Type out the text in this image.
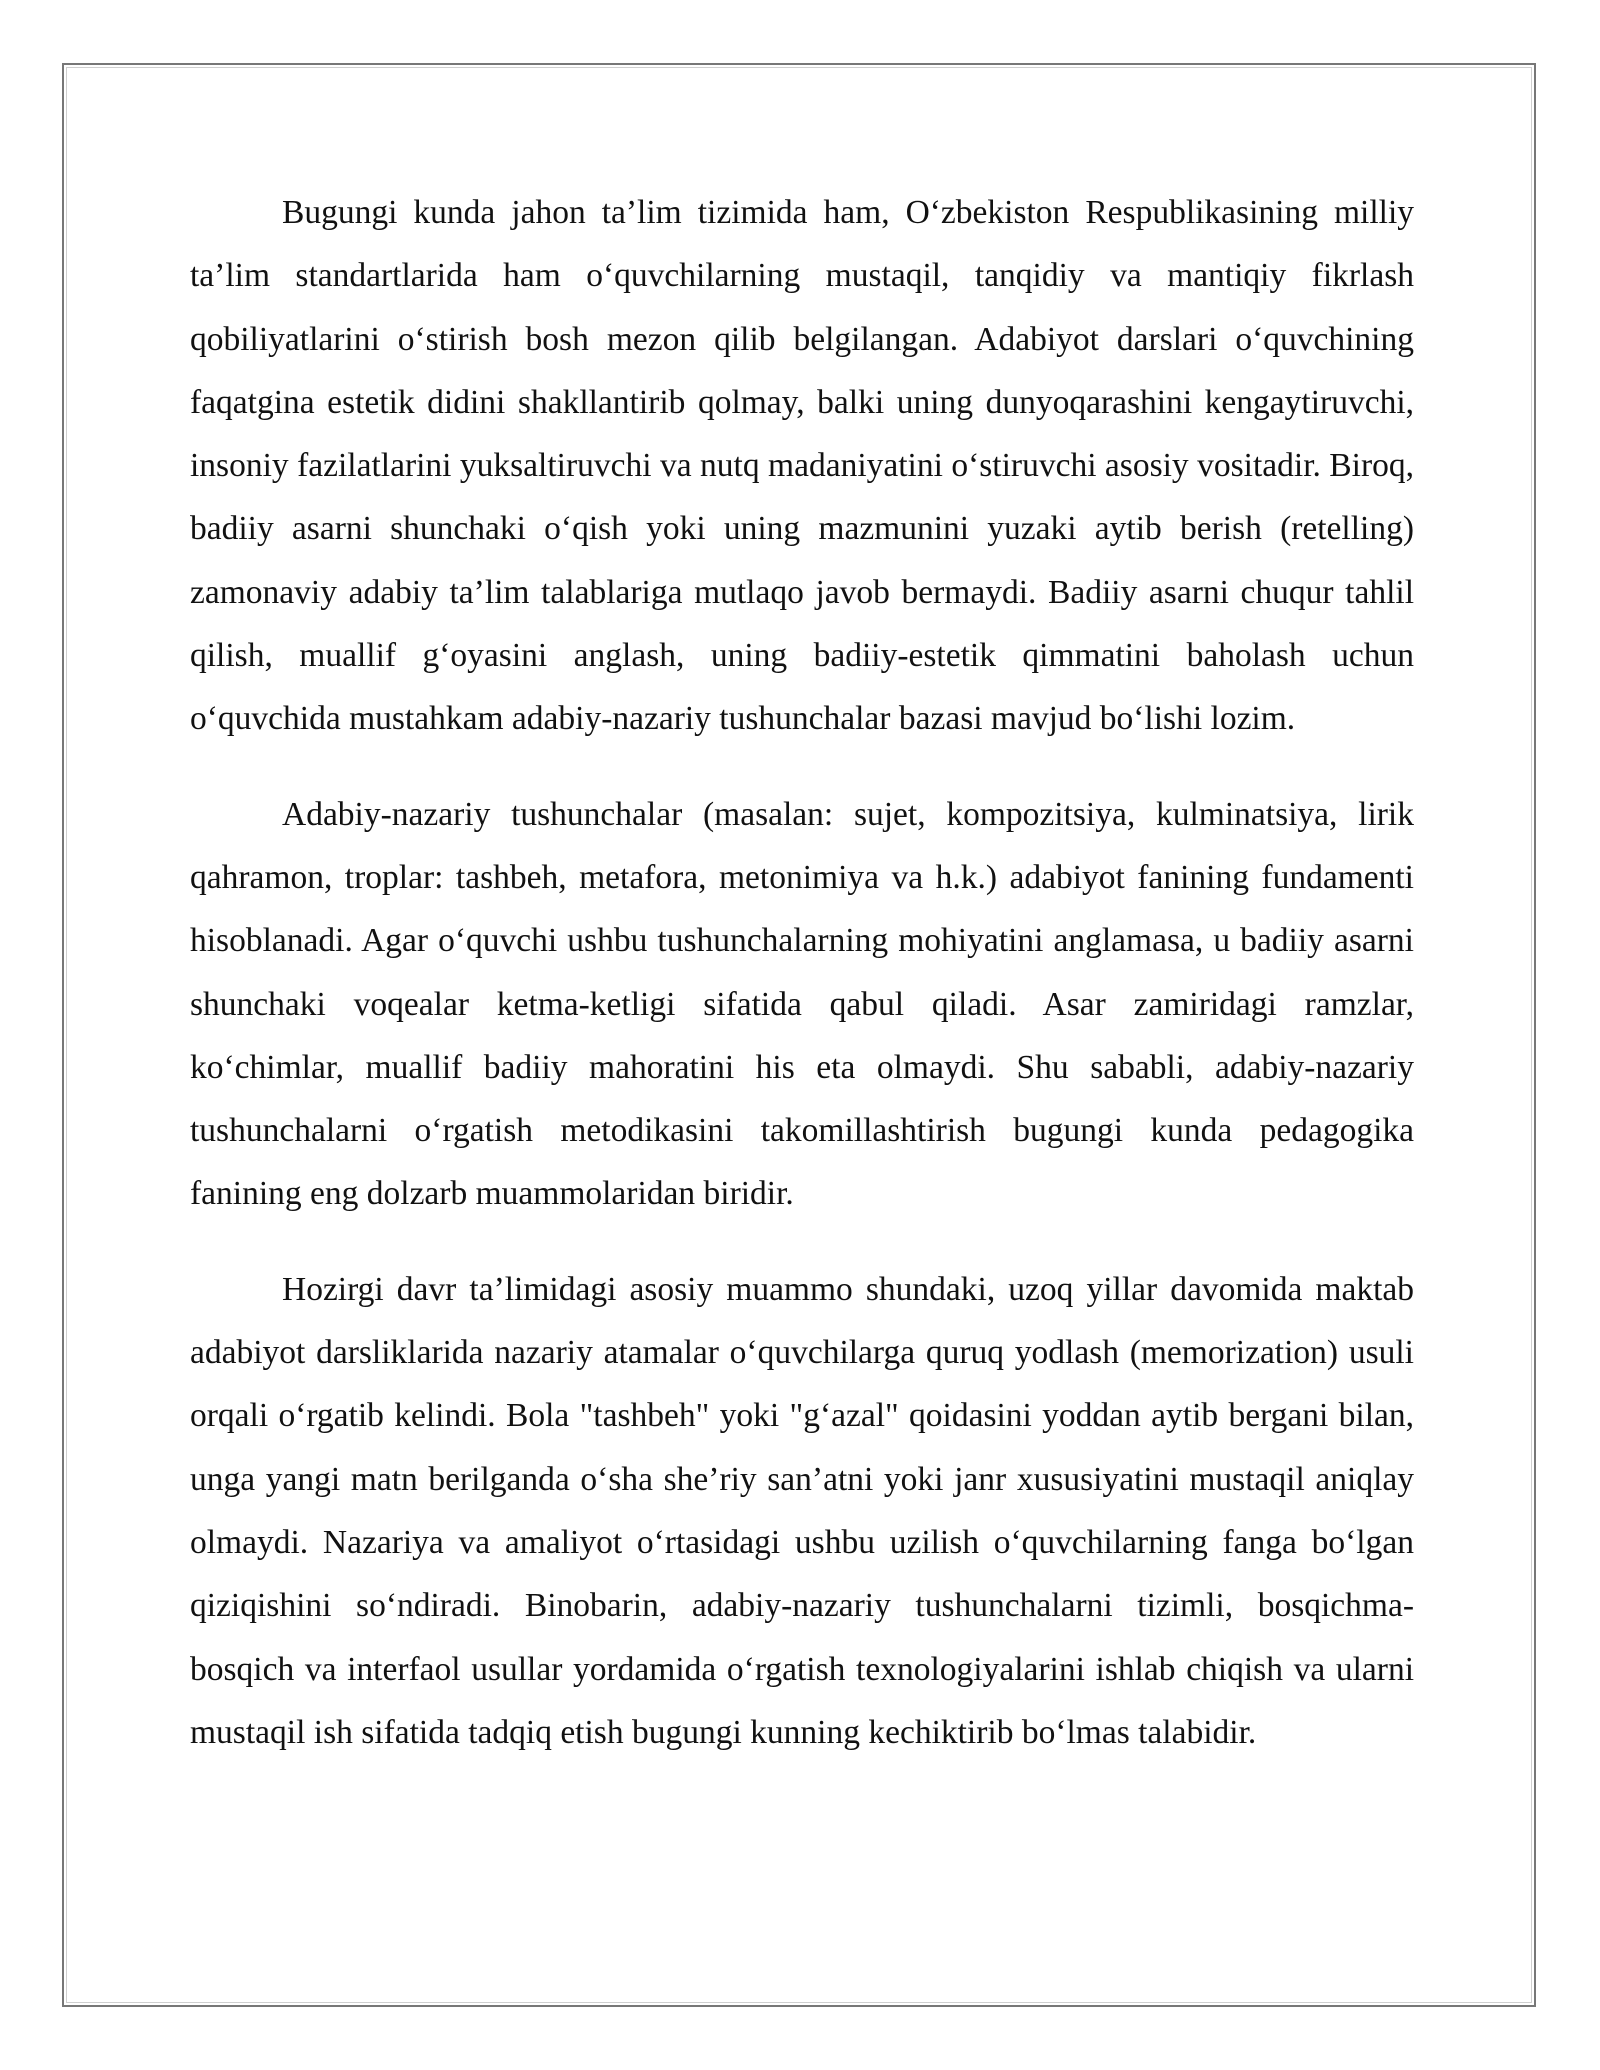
Bugungi kunda jahon ta’lim tizimida ham, O‘zbekiston Respublikasining milliy ta’lim standartlarida ham o‘quvchilarning mustaqil, tanqidiy va mantiqiy fikrlash qobiliyatlarini o‘stirish bosh mezon qilib belgilangan. Adabiyot darslari o‘quvchining faqatgina estetik didini shakllantirib qolmay, balki uning dunyoqarashini kengaytiruvchi, insoniy fazilatlarini yuksaltiruvchi va nutq madaniyatini o‘stiruvchi asosiy vositadir. Biroq, badiiy asarni shunchaki o‘qish yoki uning mazmunini yuzaki aytib berish (retelling) zamonaviy adabiy ta’lim talablariga mutlaqo javob bermaydi. Badiiy asarni chuqur tahlil qilish, muallif g‘oyasini anglash, uning badiiy-estetik qimmatini baholash uchun o‘quvchida mustahkam adabiy-nazariy tushunchalar bazasi mavjud bo‘lishi lozim.

Adabiy-nazariy tushunchalar (masalan: sujet, kompozitsiya, kulminatsiya, lirik qahramon, troplar: tashbeh, metafora, metonimiya va h.k.) adabiyot fanining fundamenti hisoblanadi. Agar o‘quvchi ushbu tushunchalarning mohiyatini anglamasa, u badiiy asarni shunchaki voqealar ketma-ketligi sifatida qabul qiladi. Asar zamiridagi ramzlar, ko‘chimlar, muallif badiiy mahoratini his eta olmaydi. Shu sababli, adabiy-nazariy tushunchalarni o‘rgatish metodikasini takomillashtirish bugungi kunda pedagogika fanining eng dolzarb muammolaridan biridir.

Hozirgi davr ta’limidagi asosiy muammo shundaki, uzoq yillar davomida maktab adabiyot darsliklarida nazariy atamalar o‘quvchilarga quruq yodlash (memorization) usuli orqali o‘rgatib kelindi. Bola "tashbeh" yoki "g‘azal" qoidasini yoddan aytib bergani bilan, unga yangi matn berilganda o‘sha she’riy san’atni yoki janr xususiyatini mustaqil aniqlay olmaydi. Nazariya va amaliyot o‘rtasidagi ushbu uzilish o‘quvchilarning fanga bo‘lgan qiziqishini so‘ndiradi. Binobarin, adabiy-nazariy tushunchalarni tizimli, bosqichma-bosqich va interfaol usullar yordamida o‘rgatish texnologiyalarini ishlab chiqish va ularni mustaqil ish sifatida tadqiq etish bugungi kunning kechiktirib bo‘lmas talabidir.
